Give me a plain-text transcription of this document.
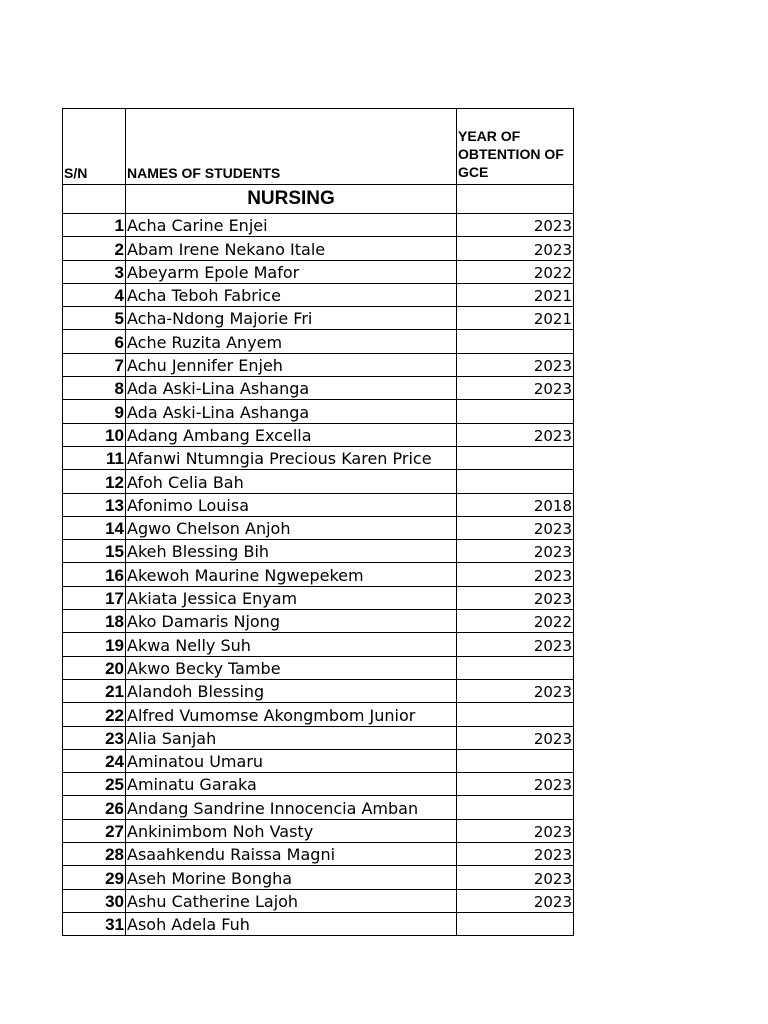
S/N	NAMES OF STUDENTS	YEAR OF OBTENTION OF GCE
	NURSING	
1	Acha Carine Enjei	2023
2	Abam Irene Nekano Itale	2023
3	Abeyarm Epole Mafor	2022
4	Acha Teboh Fabrice	2021
5	Acha-Ndong Majorie Fri	2021
6	Ache Ruzita Anyem	
7	Achu Jennifer Enjeh	2023
8	Ada Aski-Lina Ashanga	2023
9	Ada Aski-Lina Ashanga	
10	Adang Ambang Excella	2023
11	Afanwi Ntumngia Precious Karen Price	
12	Afoh Celia Bah	
13	Afonimo Louisa	2018
14	Agwo Chelson Anjoh	2023
15	Akeh Blessing Bih	2023
16	Akewoh Maurine Ngwepekem	2023
17	Akiata Jessica Enyam	2023
18	Ako Damaris Njong	2022
19	Akwa Nelly Suh	2023
20	Akwo Becky Tambe	
21	Alandoh Blessing	2023
22	Alfred Vumomse Akongmbom Junior	
23	Alia Sanjah	2023
24	Aminatou Umaru	
25	Aminatu Garaka	2023
26	Andang Sandrine Innocencia Amban	
27	Ankinimbom Noh Vasty	2023
28	Asaahkendu Raissa Magni	2023
29	Aseh Morine Bongha	2023
30	Ashu Catherine Lajoh	2023
31	Asoh Adela Fuh	
